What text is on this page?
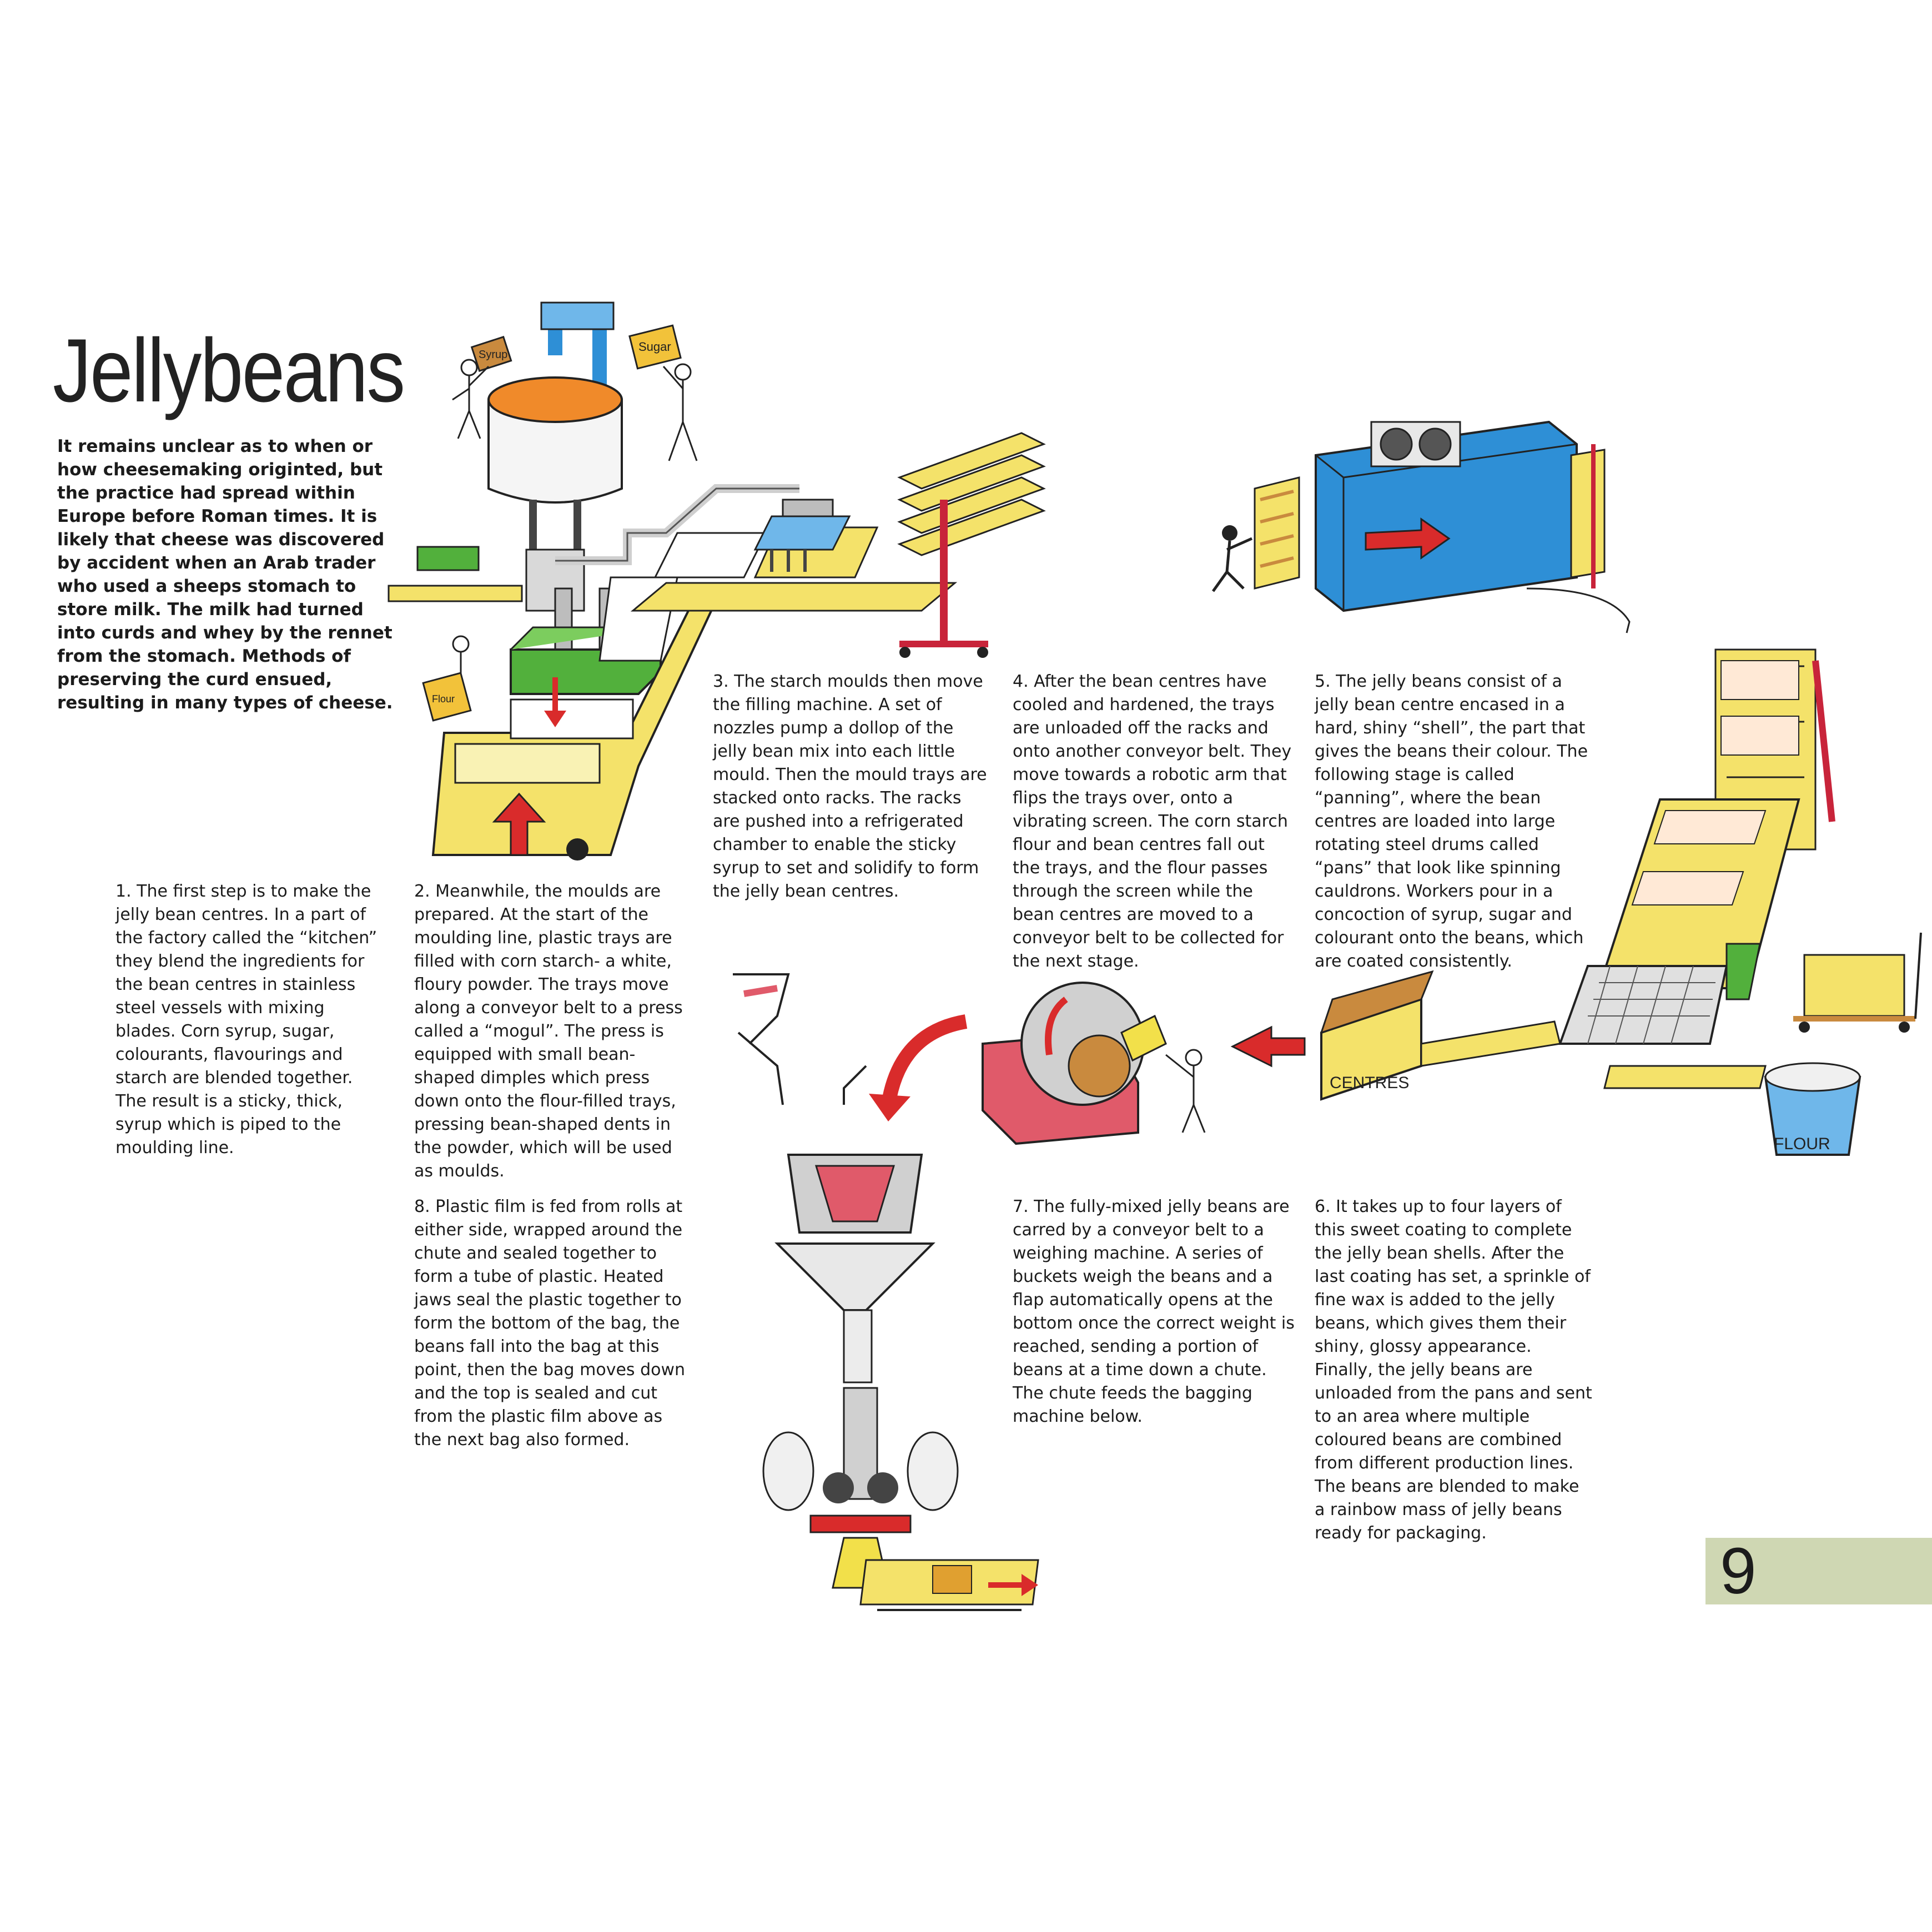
Jellybeans
It remains unclear as to when or how cheesemaking origintеd, but the practice had spread within Europe before Roman times. It is likely that cheese was discovered by accident when an Arab trader who used a sheeps stomach to store milk. The milk had turned into curds and whey by the rennet from the stomach. Methods of preserving the curd ensued, resulting in many types of cheese.
1. The first step is to make the jelly bean centres. In a part of the factory called the “kitchen” they blend the ingredients for the bean centres in stainless steel vessels with mixing blades. Corn syrup, sugar, colourants, flavourings and starch are blended together. The result is a sticky, thick, syrup which is piped to the moulding line.
2. Meanwhile, the moulds are prepared. At the start of the moulding line, plastic trays are filled with corn starch- a white, floury powder. The trays move along a conveyor belt to a press called a “mogul”. The press is equipped with small bean-shaped dimples which press down onto the flour-filled trays, pressing bean-shaped dents in the powder, which will be used as moulds.
3. The starch moulds then move the filling machine. A set of nozzles pump a dollop of the jelly bean mix into each little mould. Then the mould trays are stacked onto racks. The racks are pushed into a refrigerated chamber to enable the sticky syrup to set and solidify to form the jelly bean centres.
4. After the bean centres have cooled and hardened, the trays are unloaded off the racks and onto another conveyor belt. They move towards a robotic arm that flips the trays over, onto a vibrating screen. The corn starch flour and bean centres fall out the trays, and the flour passes through the screen while the bean centres are moved to a conveyor belt to be collected for the next stage.
5. The jelly beans consist of a jelly bean centre encased in a hard, shiny “shell”, the part that gives the beans their colour. The following stage is called “panning”, where the bean centres are loaded into large rotating steel drums called “pans” that look like spinning cauldrons. Workers pour in a concoction of syrup, sugar and colourant onto the beans, which are coated consistently.
6. It takes up to four layers of this sweet coating to complete the jelly bean shells. After the last coating has set, a sprinkle of fine wax is added to the jelly beans, which gives them their shiny, glossy appearance. Finally, the jelly beans are unloaded from the pans and sent to an area where multiple coloured beans are combined from different production lines. The beans are blended to make a rainbow mass of jelly beans ready for packaging.
7. The fully-mixed jelly beans are carred by a conveyor belt to a weighing machine. A series of buckets weigh the beans and a flap automatically opens at the bottom once the correct weight is reached, sending a portion of beans at a time down a chute. The chute feeds the bagging machine below.
8. Plastic film is fed from rolls at either side, wrapped around the chute and sealed together to form a tube of plastic. Heated jaws seal the plastic together to form the bottom of the bag, the beans fall into the bag at this point, then the bag moves down and the top is sealed and cut from the plastic film above as the next bag also formed.
9
Syrup
Sugar
Flour
FLOUR
CENTRES
